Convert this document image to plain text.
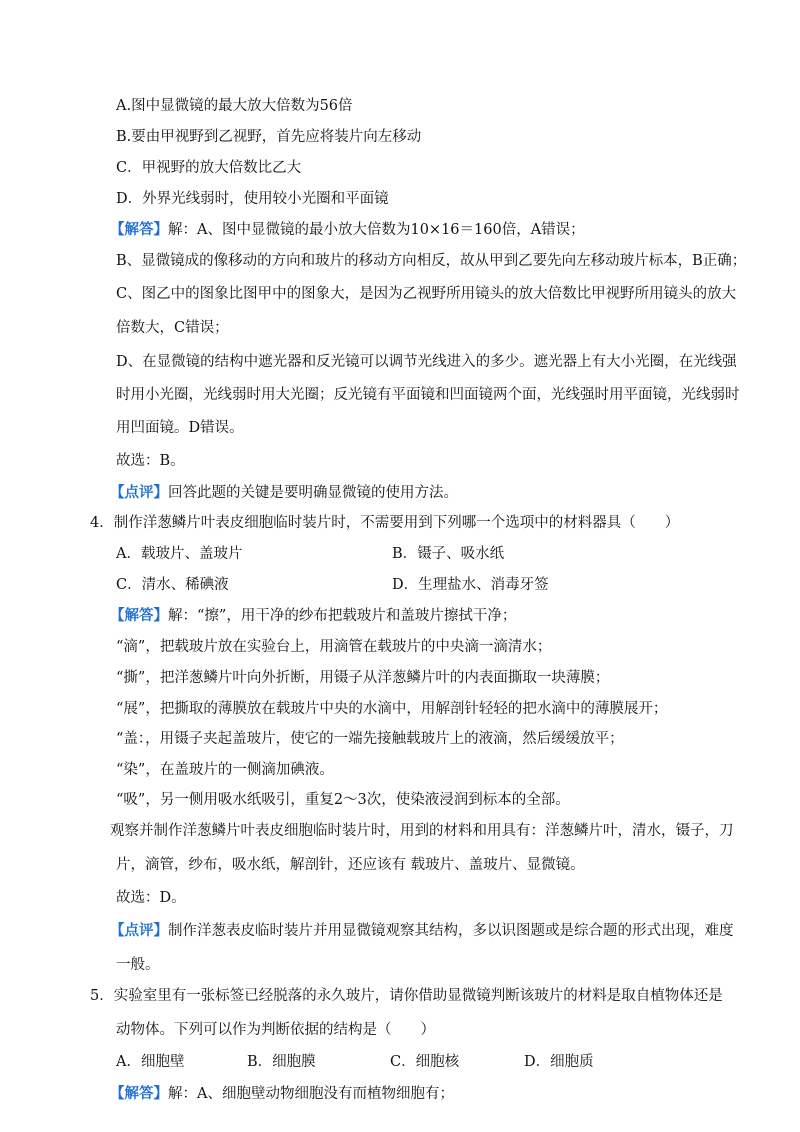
A.图中显微镜的最大放大倍数为56倍
B.要由甲视野到乙视野，首先应将装片向左移动
C．甲视野的放大倍数比乙大
D．外界光线弱时，使用较小光圈和平面镜
【解答】解：A、图中显微镜的最小放大倍数为10×16＝160倍，A错误；
B、显微镜成的像移动的方向和玻片的移动方向相反，故从甲到乙要先向左移动玻片标本，B正确；
C、图乙中的图象比图甲中的图象大，是因为乙视野所用镜头的放大倍数比甲视野所用镜头的放大
倍数大，C错误；
D、在显微镜的结构中遮光器和反光镜可以调节光线进入的多少。遮光器上有大小光圈，在光线强
时用小光圈，光线弱时用大光圈；反光镜有平面镜和凹面镜两个面，光线强时用平面镜，光线弱时
用凹面镜。D错误。
故选：B。
【点评】回答此题的关键是要明确显微镜的使用方法。
4．制作洋葱鳞片叶表皮细胞临时装片时，不需要用到下列哪一个选项中的材料器具（　　）
A．载玻片、盖玻片	B．镊子、吸水纸
C．清水、稀碘液	D．生理盐水、消毒牙签
【解答】解：“擦”，用干净的纱布把载玻片和盖玻片擦拭干净；
“滴”，把载玻片放在实验台上，用滴管在载玻片的中央滴一滴清水；
“撕”，把洋葱鳞片叶向外折断，用镊子从洋葱鳞片叶的内表面撕取一块薄膜；
“展”，把撕取的薄膜放在载玻片中央的水滴中，用解剖针轻轻的把水滴中的薄膜展开；
“盖：，用镊子夹起盖玻片，使它的一端先接触载玻片上的液滴，然后缓缓放平；
“染”，在盖玻片的一侧滴加碘液。
“吸”，另一侧用吸水纸吸引，重复2～3次，使染液浸润到标本的全部。
观察并制作洋葱鳞片叶表皮细胞临时装片时，用到的材料和用具有：洋葱鳞片叶，清水，镊子，刀
片，滴管，纱布，吸水纸，解剖针，还应该有 载玻片、盖玻片、显微镜。
故选：D。
【点评】制作洋葱表皮临时装片并用显微镜观察其结构，多以识图题或是综合题的形式出现，难度
一般。
5．实验室里有一张标签已经脱落的永久玻片，请你借助显微镜判断该玻片的材料是取自植物体还是
动物体。下列可以作为判断依据的结构是（　　）
A．细胞壁	B．细胞膜	C．细胞核	D．细胞质
【解答】解：A、细胞壁动物细胞没有而植物细胞有；
